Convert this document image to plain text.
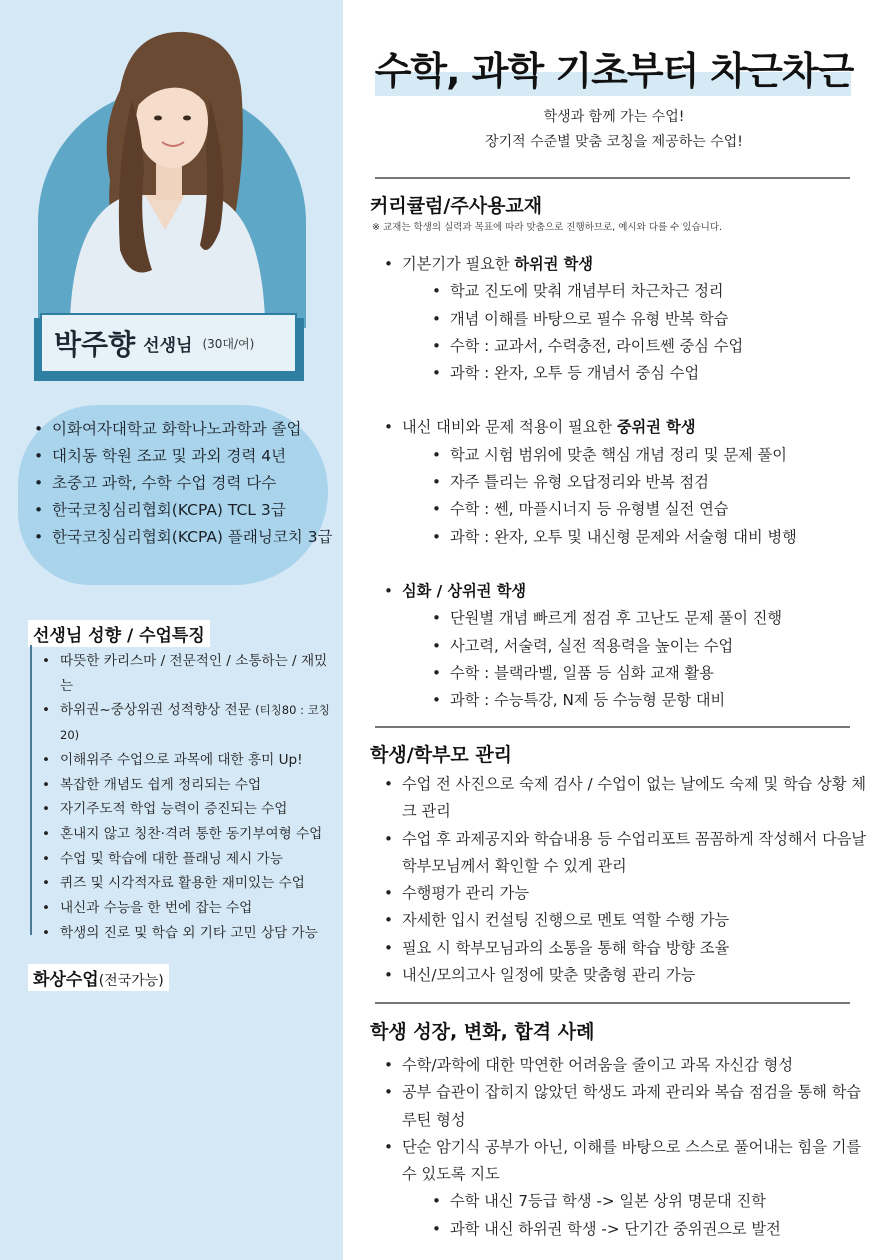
박주향 선생님 (30대/여)
• 이화여자대학교 화학나노과학과 졸업
• 대치동 학원 조교 및 과외 경력 4년
• 초중고 과학, 수학 수업 경력 다수
• 한국코칭심리협회(KCPA) TCL 3급
• 한국코칭심리협회(KCPA) 플래닝코치 3급
선생님 성향 / 수업특징
• 따뜻한 카리스마 / 전문적인 / 소통하는 / 재밌는
• 하위권~중상위권 성적향상 전문 (티칭80 : 코칭 20)
• 이해위주 수업으로 과목에 대한 흥미 Up!
• 복잡한 개념도 쉽게 정리되는 수업
• 자기주도적 학업 능력이 증진되는 수업
• 혼내지 않고 칭찬·격려 통한 동기부여형 수업
• 수업 및 학습에 대한 플래닝 제시 가능
• 퀴즈 및 시각적자료 활용한 재미있는 수업
• 내신과 수능을 한 번에 잡는 수업
• 학생의 진로 및 학습 외 기타 고민 상담 가능
화상수업(전국가능)
수학, 과학 기초부터 차근차근
학생과 함께 가는 수업!
장기적 수준별 맞춤 코칭을 제공하는 수업!
커리큘럼/주사용교재
※ 교재는 학생의 실력과 목표에 따라 맞춤으로 진행하므로, 예시와 다를 수 있습니다.
• 기본기가 필요한 하위권 학생
• 학교 진도에 맞춰 개념부터 차근차근 정리
• 개념 이해를 바탕으로 필수 유형 반복 학습
• 수학 : 교과서, 수력충전, 라이트쎈 중심 수업
• 과학 : 완자, 오투 등 개념서 중심 수업
• 내신 대비와 문제 적용이 필요한 중위권 학생
• 학교 시험 범위에 맞춘 핵심 개념 정리 및 문제 풀이
• 자주 틀리는 유형 오답정리와 반복 점검
• 수학 : 쎈, 마플시너지 등 유형별 실전 연습
• 과학 : 완자, 오투 및 내신형 문제와 서술형 대비 병행
• 심화 / 상위권 학생
• 단원별 개념 빠르게 점검 후 고난도 문제 풀이 진행
• 사고력, 서술력, 실전 적용력을 높이는 수업
• 수학 : 블랙라벨, 일품 등 심화 교재 활용
• 과학 : 수능특강, N제 등 수능형 문항 대비
학생/학부모 관리
• 수업 전 사진으로 숙제 검사 / 수업이 없는 날에도 숙제 및 학습 상황 체크 관리
• 수업 후 과제공지와 학습내용 등 수업리포트 꼼꼼하게 작성해서 다음날 학부모님께서 확인할 수 있게 관리
• 수행평가 관리 가능
• 자세한 입시 컨설팅 진행으로 멘토 역할 수행 가능
• 필요 시 학부모님과의 소통을 통해 학습 방향 조율
• 내신/모의고사 일정에 맞춘 맞춤형 관리 가능
학생 성장, 변화, 합격 사례
• 수학/과학에 대한 막연한 어려움을 줄이고 과목 자신감 형성
• 공부 습관이 잡히지 않았던 학생도 과제 관리와 복습 점검을 통해 학습 루틴 형성
• 단순 암기식 공부가 아닌, 이해를 바탕으로 스스로 풀어내는 힘을 기를 수 있도록 지도
• 수학 내신 7등급 학생 -> 일본 상위 명문대 진학
• 과학 내신 하위권 학생 -> 단기간 중위권으로 발전
